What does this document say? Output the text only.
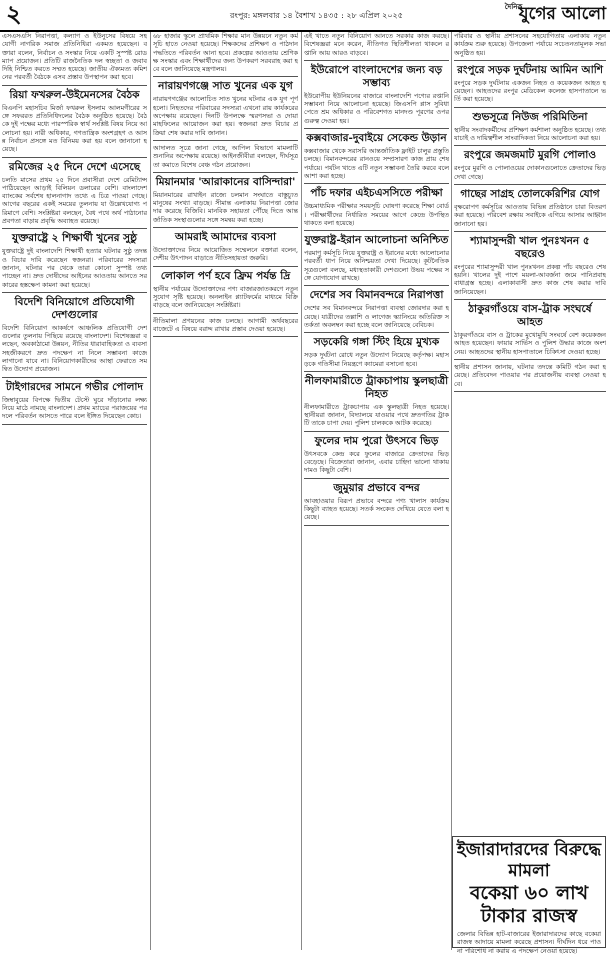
২	রংপুর: মঙ্গলবার ১৪ বৈশাখ ১৪৩৫ : ২৮ এপ্রিল ২০২৫
দৈনিক
যুগের আলো
এসএসএসি নিরাপত্তা, কল্যাণ ও ইউনুসের বিষয়ে সহযোগী নাগরিক সমাজ প্রতিনিধিরা একমত হয়েছেন। বক্তারা বলেন, নির্বাচন ও সংস্কার নিয়ে একটি সুস্পষ্ট রোডম্যাপ প্রয়োজন। প্রতিটি রাজনৈতিক দল স্বচ্ছতা ও জবাবদিহি নিশ্চিত করতে সম্মত হয়েছে। জাতীয় ঐক্যমত্য কমিশনের পরবর্তী বৈঠকে এসব প্রস্তাব উপস্থাপন করা হবে।
রিয়া ফখরুল-উইমেনসের বৈঠক
বিএনপি মহাসচিব মির্জা ফখরুল ইসলাম আলমগীরের সঙ্গে সফররত প্রতিনিধিদলের বৈঠক অনুষ্ঠিত হয়েছে। বৈঠকে দুই পক্ষের মধ্যে পারস্পরিক স্বার্থ সংশ্লিষ্ট বিষয় নিয়ে আলোচনা হয়। নারী অধিকার, গণতান্ত্রিক অংশগ্রহণ ও আসন্ন নির্বাচন প্রসঙ্গে মত বিনিময় করা হয় বলে জানানো হয়েছে।
রমিজের ২৫ দিনে দেশে এসেছে
চলতি মাসের প্রথম ২৫ দিনে প্রবাসীরা দেশে রেমিট্যান্স পাঠিয়েছেন আড়াই বিলিয়ন ডলারের বেশি। বাংলাদেশ ব্যাংকের সর্বশেষ হালনাগাদ তথ্যে এ চিত্র পাওয়া গেছে। আগের বছরের একই সময়ের তুলনায় যা উল্লেখযোগ্য পরিমাণে বেশি। সংশ্লিষ্টরা বলছেন, বৈধ পথে অর্থ পাঠানোর প্রবণতা বাড়ায় প্রবৃদ্ধি অব্যাহত রয়েছে।
যুক্তরাষ্ট্রে ২ শিক্ষার্থী খুনের সুষ্ঠু
যুক্তরাষ্ট্রে দুই বাংলাদেশি শিক্ষার্থী হত্যার ঘটনার সুষ্ঠু তদন্ত ও বিচার দাবি করেছেন স্বজনরা। পরিবারের সদস্যরা জানান, ঘটনার পর থেকে তারা কোনো সুস্পষ্ট তথ্য পাচ্ছেন না। দ্রুত দোষীদের আইনের আওতায় আনতে সরকারের হস্তক্ষেপ কামনা করা হয়েছে।
বিদেশি বিনিয়োগে প্রতিযোগী দেশগুলোর
বিদেশি বিনিয়োগ আকর্ষণে আঞ্চলিক প্রতিযোগী দেশগুলোর তুলনায় পিছিয়ে রয়েছে বাংলাদেশ। বিশেষজ্ঞরা বলছেন, অবকাঠামো উন্নয়ন, নীতির ধারাবাহিকতা ও ব্যবসা সহজীকরণে দ্রুত পদক্ষেপ না নিলে সম্ভাবনা কাজে লাগানো যাবে না। বিনিয়োগকারীদের আস্থা ফেরাতে সমন্বিত উদ্যোগ প্রয়োজন।
টাইগারদের সামনে গভীর পোলাদ
জিম্বাবুয়ের বিপক্ষে দ্বিতীয় টেস্টে ঘুরে দাঁড়ানোর লক্ষ্য নিয়ে মাঠে নামছে বাংলাদেশ। প্রথম ম্যাচের পরাজয়ের পর দলে পরিবর্তন আসতে পারে বলে ইঙ্গিত দিয়েছেন কোচ।
৬৮ হাজার স্কুলে প্রাথমিক শিক্ষার মান উন্নয়নে নতুন কর্মসূচি হাতে নেওয়া হয়েছে। শিক্ষকদের প্রশিক্ষণ ও পাঠদান পদ্ধতিতে পরিবর্তন আনা হবে। প্রকল্পের আওতায় শ্রেণিকক্ষ সংস্কার এবং শিক্ষার্থীদের জন্য উপকরণ সরবরাহ করা হবে বলে জানিয়েছে মন্ত্রণালয়।
নারায়ণগঞ্জে সাত খুনের এক যুগ
নারায়ণগঞ্জের আলোচিত সাত খুনের ঘটনার এক যুগ পূর্ণ হলো। নিহতদের পরিবারের সদস্যরা এখনো রায় কার্যকরের অপেক্ষায় রয়েছেন। দিনটি উপলক্ষে স্মরণসভা ও দোয়া মাহফিলের আয়োজন করা হয়। স্বজনরা দ্রুত বিচার প্রক্রিয়া শেষ করার দাবি জানান।
আদালত সূত্রে জানা গেছে, আপিল বিভাগে মামলাটি শুনানির অপেক্ষায় রয়েছে। আইনজীবীরা বলছেন, দীর্ঘসূত্রতা কমাতে বিশেষ বেঞ্চ গঠন প্রয়োজন।
মিয়ানমার 'আরাকানের বাসিন্দারা'
মিয়ানমারের রাখাইন রাজ্যে চলমান সংঘাতে বাস্তুচ্যুত মানুষের সংখ্যা বাড়ছে। সীমান্ত এলাকায় নিরাপত্তা জোরদার করেছে বিজিবি। মানবিক সহায়তা পৌঁছে দিতে আন্তর্জাতিক সংস্থাগুলোর সঙ্গে সমন্বয় করা হচ্ছে।
আমরাই আমাদের ব্যবসা
উদ্যোক্তাদের নিয়ে আয়োজিত সম্মেলনে বক্তারা বলেন, দেশীয় উৎপাদন বাড়াতে নীতিসহায়তা জরুরি।
লোকাল পর্ণ হবে ফ্রিম পর্যন্ত দ্রি
স্থানীয় পর্যায়ের উদ্যোক্তাদের পণ্য বাজারজাতকরণে নতুন সুযোগ সৃষ্টি হয়েছে। অনলাইন প্ল্যাটফর্মের মাধ্যমে বিক্রি বাড়ছে বলে জানিয়েছেন সংশ্লিষ্টরা।
নীতিমালা প্রণয়নের কাজ চলছে। আগামী অর্থবছরের বাজেটে এ বিষয়ে বরাদ্দ রাখার প্রস্তাব দেওয়া হয়েছে।
এই খাতে নতুন বিনিয়োগ আনতে সরকার কাজ করছে। বিশেষজ্ঞরা মনে করেন, নীতিগত স্থিতিশীলতা থাকলে রপ্তানি আয় আরও বাড়বে।
ইউরোপে বাংলাদেশের জন্য বড় সম্ভাব্য
ইউরোপীয় ইউনিয়নের বাজারে বাংলাদেশি পণ্যের রপ্তানি সম্ভাবনা নিয়ে আলোচনা হয়েছে। জিএসপি প্লাস সুবিধা পেতে শ্রম অধিকার ও পরিবেশগত মানদণ্ড পূরণের ওপর গুরুত্ব দেওয়া হয়।
কক্সবাজার-দুবাইয়ে সেকেন্ড উড়ান
কক্সবাজার থেকে সরাসরি আন্তর্জাতিক ফ্লাইট চালুর প্রস্তুতি চলছে। বিমানবন্দরের রানওয়ে সম্প্রসারণ কাজ প্রায় শেষ পর্যায়ে। পর্যটন খাতে এটি নতুন সম্ভাবনা তৈরি করবে বলে আশা করা হচ্ছে।
পাঁচ দফার এইচএসসিতে পরীক্ষা
উচ্চমাধ্যমিক পরীক্ষার সময়সূচি ঘোষণা করেছে শিক্ষা বোর্ড। পরীক্ষার্থীদের নির্ধারিত সময়ের আগে কেন্দ্রে উপস্থিত থাকতে বলা হয়েছে।
যুক্তরাষ্ট্র-ইরান আলোচনা অনিশ্চিত
পরমাণু কর্মসূচি নিয়ে যুক্তরাষ্ট্র ও ইরানের মধ্যে আলোচনার পরবর্তী ধাপ নিয়ে অনিশ্চয়তা দেখা দিয়েছে। কূটনৈতিক সূত্রগুলো বলছে, মধ্যস্থতাকারী দেশগুলো উভয় পক্ষের সঙ্গে যোগাযোগ রাখছে।
দেশের সব বিমানবন্দরে নিরাপত্তা
দেশের সব বিমানবন্দরে নিরাপত্তা ব্যবস্থা জোরদার করা হয়েছে। যাত্রীদের তল্লাশি ও লাগেজ স্ক্যানিংয়ে অতিরিক্ত সতর্কতা অবলম্বন করা হচ্ছে বলে জানিয়েছে বেবিচক।
সড়কেরি গঙ্গা স্টিং হিয়ে মুখ্যক
সড়ক দুর্ঘটনা রোধে নতুন উদ্যোগ নিয়েছে কর্তৃপক্ষ। মহাসড়কে গতিসীমা নিয়ন্ত্রণে ক্যামেরা বসানো হবে।
নীলফামারীতে ট্রাকচাপায় স্কুলছাত্রী নিহত
নীলফামারীতে ট্রাকচাপায় এক স্কুলছাত্রী নিহত হয়েছে। স্থানীয়রা জানান, বিদ্যালয়ে যাওয়ার পথে দ্রুতগতির ট্রাকটি তাকে চাপা দেয়। পুলিশ চালককে আটক করেছে।
ফুলের দাম পুরো উৎসবে ভিড়
উৎসবকে কেন্দ্র করে ফুলের বাজারে ক্রেতাদের ভিড় বেড়েছে। বিক্রেতারা জানান, এবার চাহিদা ভালো থাকায় দামও কিছুটা বেশি।
জুমুয়ার প্রভাবে বন্দর
আবহাওয়ার বিরূপ প্রভাবে বন্দরে পণ্য খালাস কার্যক্রম কিছুটা ব্যাহত হয়েছে। সতর্ক সংকেত দেখিয়ে যেতে বলা হয়েছে।
পরিবার ও স্থানীয় প্রশাসনের সহযোগিতায় এলাকায় নতুন কার্যক্রম শুরু হয়েছে। উপজেলা পর্যায়ে সচেতনতামূলক সভা অনুষ্ঠিত হয়।
রংপুরে সড়ক দুর্ঘটনায় আমিন আশি
রংপুরে সড়ক দুর্ঘটনায় একজন নিহত ও কয়েকজন আহত হয়েছেন। আহতদের রংপুর মেডিকেল কলেজ হাসপাতালে ভর্তি করা হয়েছে।
শুভসূত্রে নিউজ পরিমিতিনা
স্থানীয় সংবাদকর্মীদের প্রশিক্ষণ কর্মশালা অনুষ্ঠিত হয়েছে। তথ্য যাচাই ও দায়িত্বশীল সাংবাদিকতা নিয়ে আলোচনা করা হয়।
রংপুরে জমজমাট মুরগি পোলাও
রংপুরে মুরগি ও পোলাওয়ের দোকানগুলোতে ক্রেতাদের ভিড় দেখা গেছে।
গাছের সাগ্রহ তোলকেরিশির যোগ
বৃক্ষরোপণ কর্মসূচির আওতায় বিভিন্ন প্রতিষ্ঠানে চারা বিতরণ করা হয়েছে। পরিবেশ রক্ষায় সবাইকে এগিয়ে আসার আহ্বান জানানো হয়।
শ্যামাসুন্দরী খাল পুনঃখনন ৫ বছরেও
রংপুরের শ্যামাসুন্দরী খাল পুনঃখনন প্রকল্প পাঁচ বছরেও শেষ হয়নি। খালের দুই পাশে ময়লা-আবর্জনা জমে পানিপ্রবাহ বাধাগ্রস্ত হচ্ছে। এলাকাবাসী দ্রুত কাজ শেষ করার দাবি জানিয়েছেন।
ঠাকুরগাঁওয়ে বাস-ট্রাক সংঘর্ষে আহত
ঠাকুরগাঁওয়ে বাস ও ট্রাকের মুখোমুখি সংঘর্ষে বেশ কয়েকজন আহত হয়েছেন। ফায়ার সার্ভিস ও পুলিশ উদ্ধার কাজে অংশ নেয়। আহতদের স্থানীয় হাসপাতালে চিকিৎসা দেওয়া হচ্ছে।
স্থানীয় প্রশাসন জানায়, ঘটনার তদন্তে কমিটি গঠন করা হয়েছে। প্রতিবেদন পাওয়ার পর প্রয়োজনীয় ব্যবস্থা নেওয়া হবে।
ইজারাদারদের বিরুদ্ধে মামলা
বকেয়া ৬০ লাখ টাকার রাজস্ব
জেলার বিভিন্ন হাট-বাজারের ইজারাদারদের কাছে বকেয়া রাজস্ব আদায়ে মামলা করেছে প্রশাসন। দীর্ঘদিন ধরে পাওনা পরিশোধ না করায় এ পদক্ষেপ নেওয়া হয়েছে।
